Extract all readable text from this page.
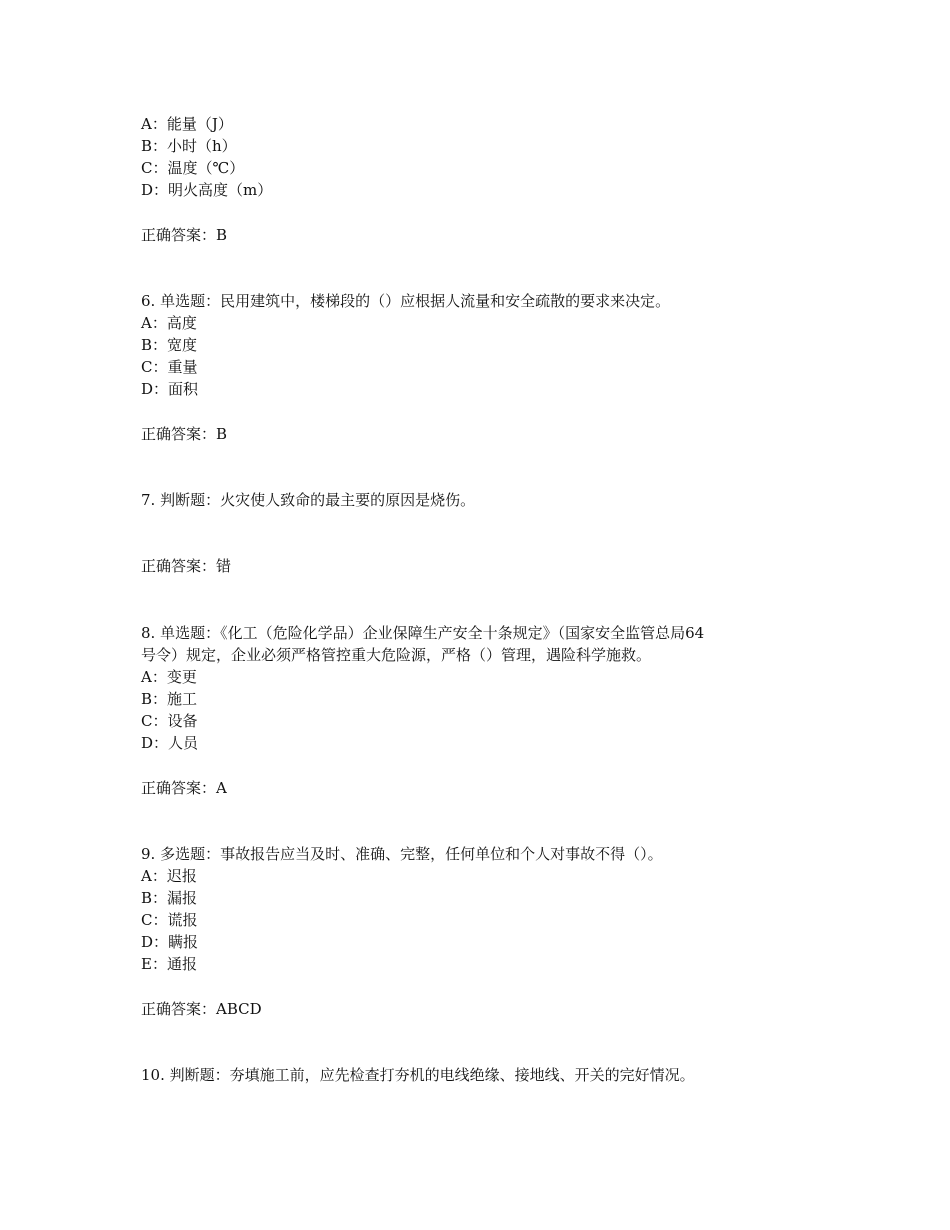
A：能量（J）
B：小时（h）
C：温度（℃）
D：明火高度（m）
正确答案：B
6. 单选题：民用建筑中，楼梯段的（）应根据人流量和安全疏散的要求来决定。
A：高度
B：宽度
C：重量
D：面积
正确答案：B
7. 判断题：火灾使人致命的最主要的原因是烧伤。
正确答案：错
8. 单选题：《化工（危险化学品）企业保障生产安全十条规定》（国家安全监管总局64
号令）规定，企业必须严格管控重大危险源，严格（）管理，遇险科学施救。
A：变更
B：施工
C：设备
D：人员
正确答案：A
9. 多选题：事故报告应当及时、准确、完整，任何单位和个人对事故不得（）。
A：迟报
B：漏报
C：谎报
D：瞒报
E：通报
正确答案：ABCD
10. 判断题：夯填施工前，应先检查打夯机的电线绝缘、接地线、开关的完好情况。
